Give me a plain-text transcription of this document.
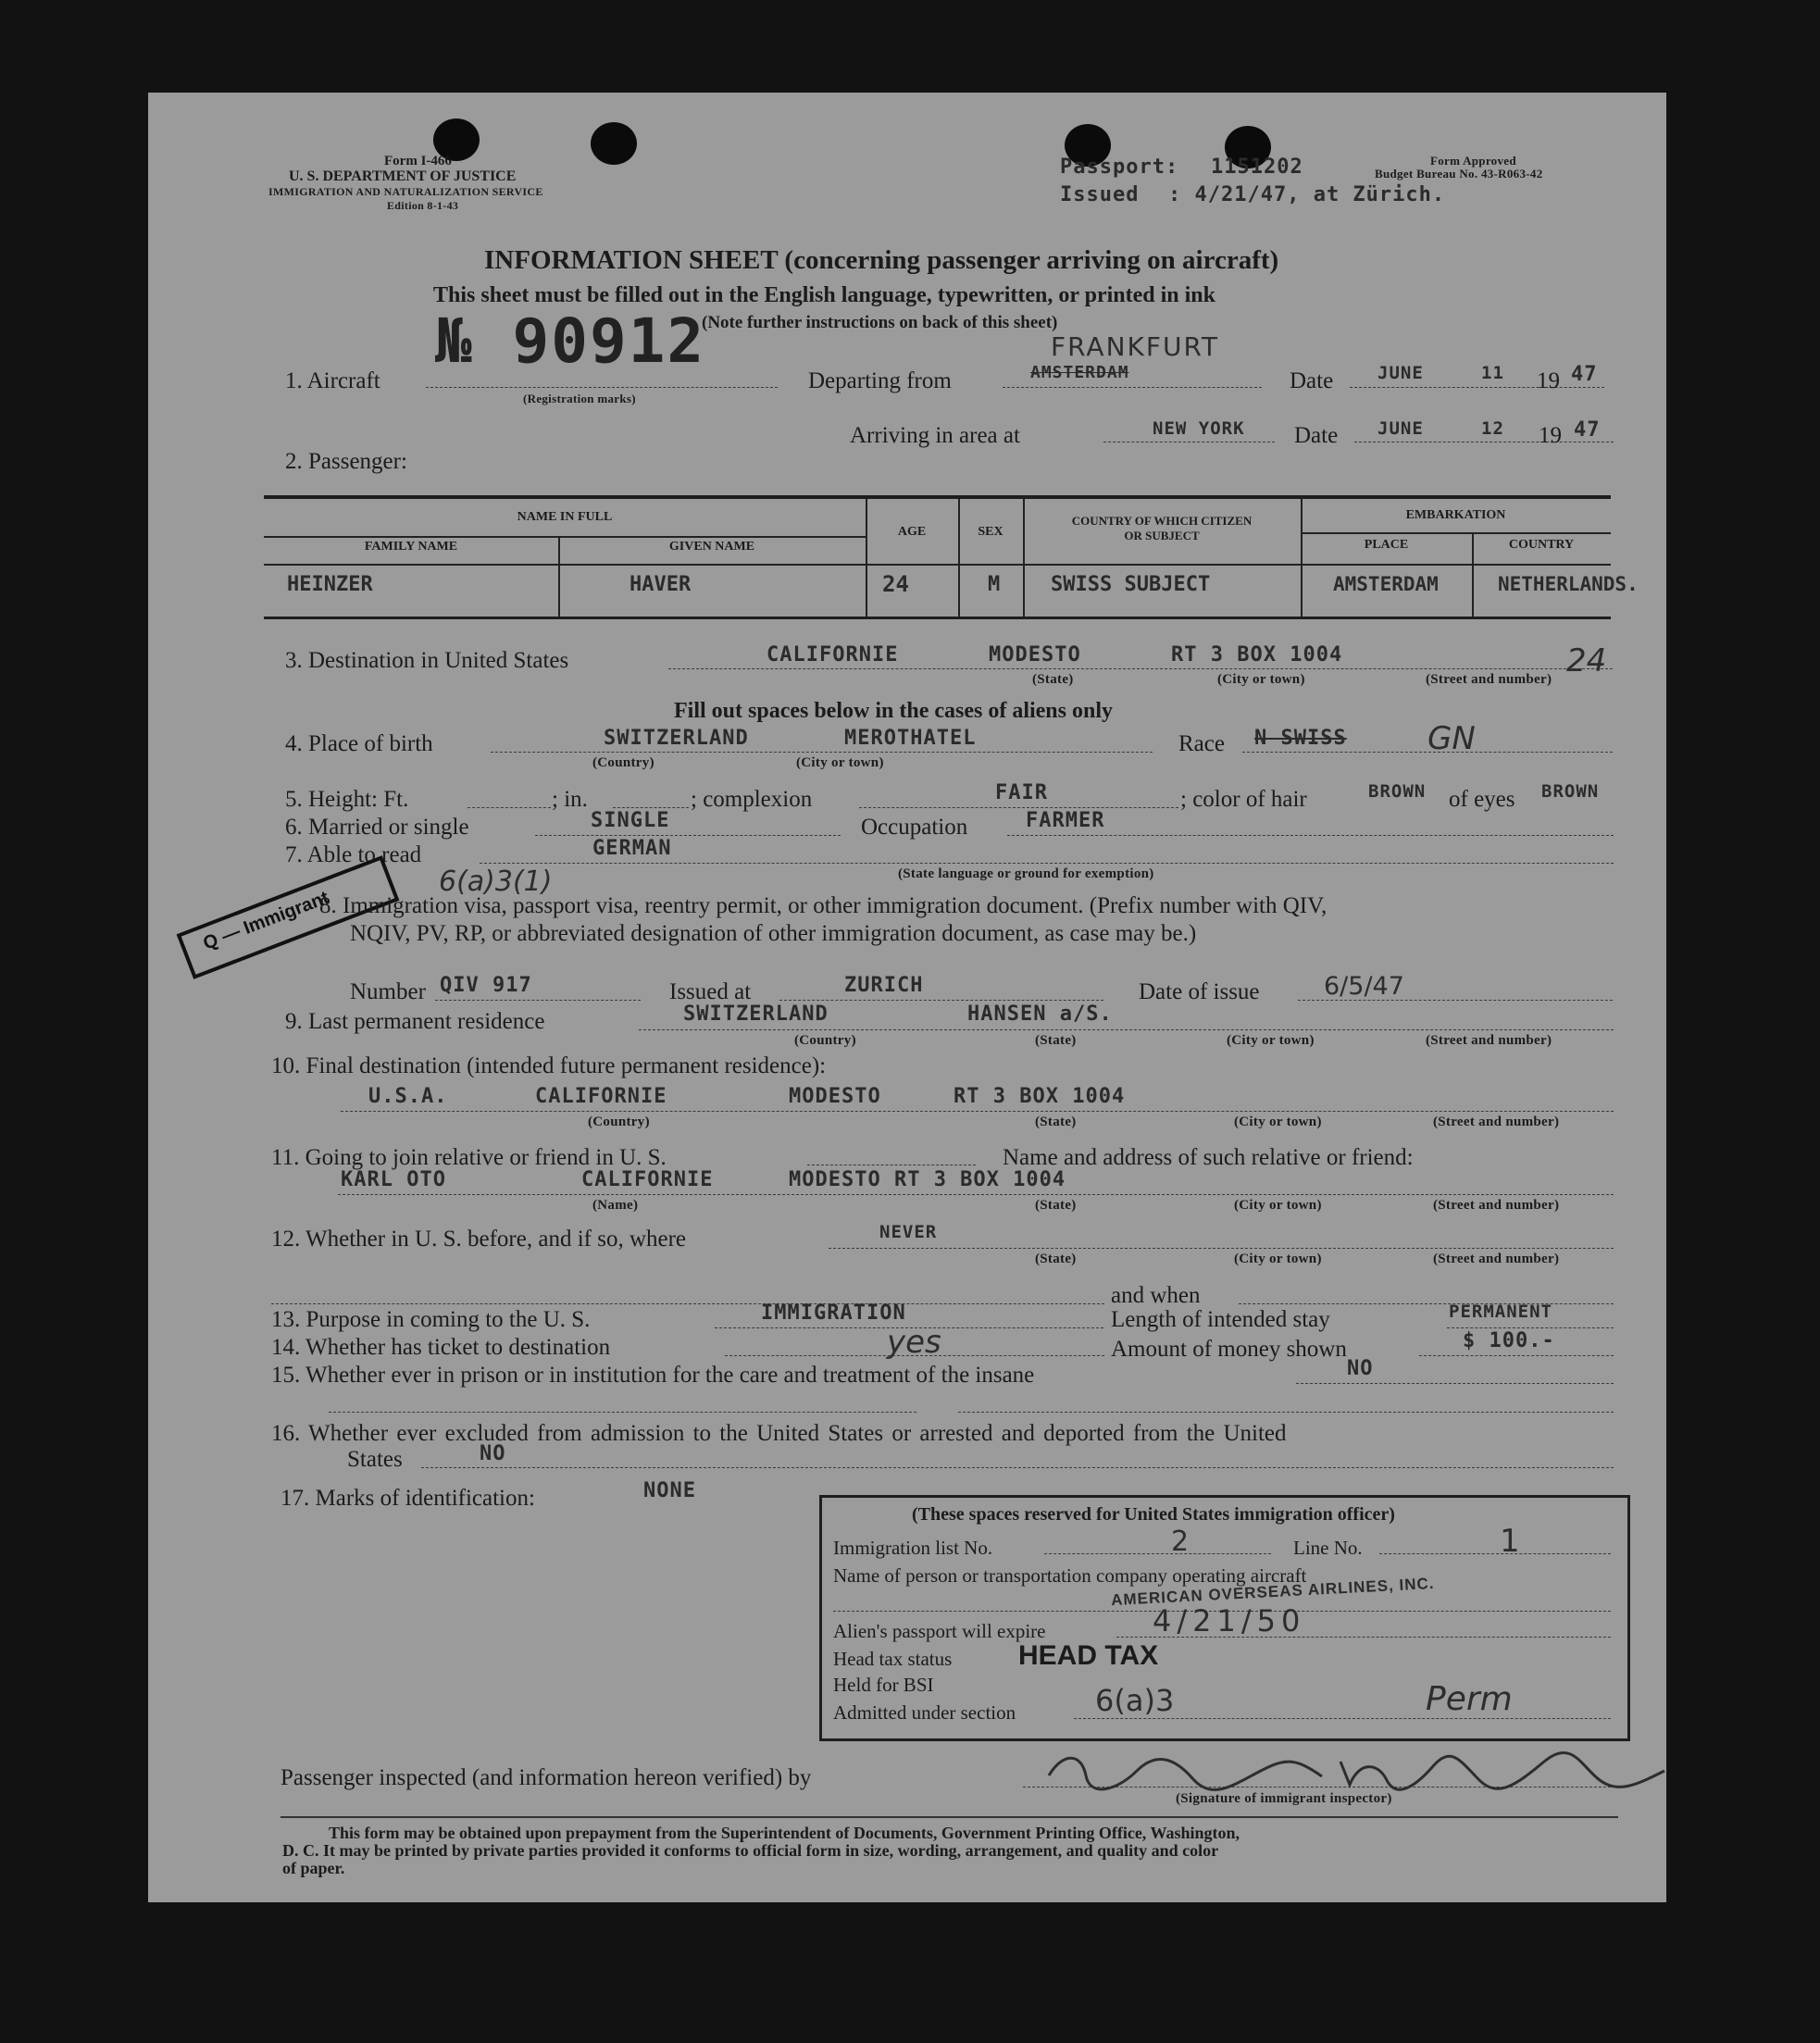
Form I-466
U. S. DEPARTMENT OF JUSTICE
IMMIGRATION AND NATURALIZATION SERVICE
Edition 8-1-43
Passport: 1151202
Issued : 4/21/47, at Zürich.
Form Approved
Budget Bureau No. 43-R063-42
INFORMATION SHEET (concerning passenger arriving on aircraft)
This sheet must be filled out in the English language, typewritten, or printed in ink
(Note further instructions on back of this sheet)
№ 90912
1. Aircraft
(Registration marks)
Departing from	AMSTERDAM
FRANKFURT
Date	JUNE	11 19 47
Arriving in area at	NEW YORK Date JUNE	12 19 47
2. Passenger:
NAME IN FULL
FAMILY NAME	GIVEN NAME
AGE	SEX
COUNTRY OF WHICH CITIZEN
OR SUBJECT
EMBARKATION
PLACE	COUNTRY
HEINZER	HAVER	24	M SWISS SUBJECT	AMSTERDAM	NETHERLANDS.
3. Destination in United States	CALIFORNIE	MODESTO	RT 3 BOX 1004	24
(State)	(City or town)	(Street and number)
Fill out spaces below in the cases of aliens only
4. Place of birth	SWITZERLAND	MEROTHATEL
(Country)	(City or town)
Race N SWISS	GN
5. Height: Ft.	; in.	; complexion	FAIR	; color of hair	BROWN of eyes BROWN
6. Married or single	SINGLE	Occupation	FARMER
7. Able to read	GERMAN
(State language or ground for exemption)
6(a)3(1)
Q — Immigrant
8. Immigration visa, passport visa, reentry permit, or other immigration document. (Prefix number with QIV,
NQIV, PV, RP, or abbreviated designation of other immigration document, as case may be.)
Number QIV 917	Issued at	ZURICH	Date of issue	6/5/47
9. Last permanent residence	SWITZERLAND	HANSEN a/S.
(Country)	(State)	(City or town)	(Street and number)
10. Final destination (intended future permanent residence):
U.S.A.	CALIFORNIE	MODESTO	RT 3 BOX 1004
(Country)	(State)	(City or town)	(Street and number)
11. Going to join relative or friend in U. S.	Name and address of such relative or friend:
KARL OTO	CALIFORNIE	MODESTO RT 3 BOX 1004
(Name)	(State)	(City or town)	(Street and number)
12. Whether in U. S. before, and if so, where	NEVER
(State)	(City or town)	(Street and number)
and when
13. Purpose in coming to the U. S.	IMMIGRATION	Length of intended stay	PERMANENT
14. Whether has ticket to destination	yes	Amount of money shown	$ 100.-
15. Whether ever in prison or in institution for the care and treatment of the insane	NO
16. Whether ever excluded from admission to the United States or arrested and deported from the United
States	NO
17. Marks of identification:	NONE
(These spaces reserved for United States immigration officer)
Immigration list No.	2	Line No.	1
Name of person or transportation company operating aircraft
AMERICAN OVERSEAS AIRLINES, INC.
Alien's passport will expire	4/21/50
Head tax status HEAD TAX
Held for BSI
Admitted under section	6(a)3	Perm
Passenger inspected (and information hereon verified) by	Signature
(Signature of immigrant inspector)
This form may be obtained upon prepayment from the Superintendent of Documents, Government Printing Office, Washington,
D. C. It may be printed by private parties provided it conforms to official form in size, wording, arrangement, and quality and color
of paper.
